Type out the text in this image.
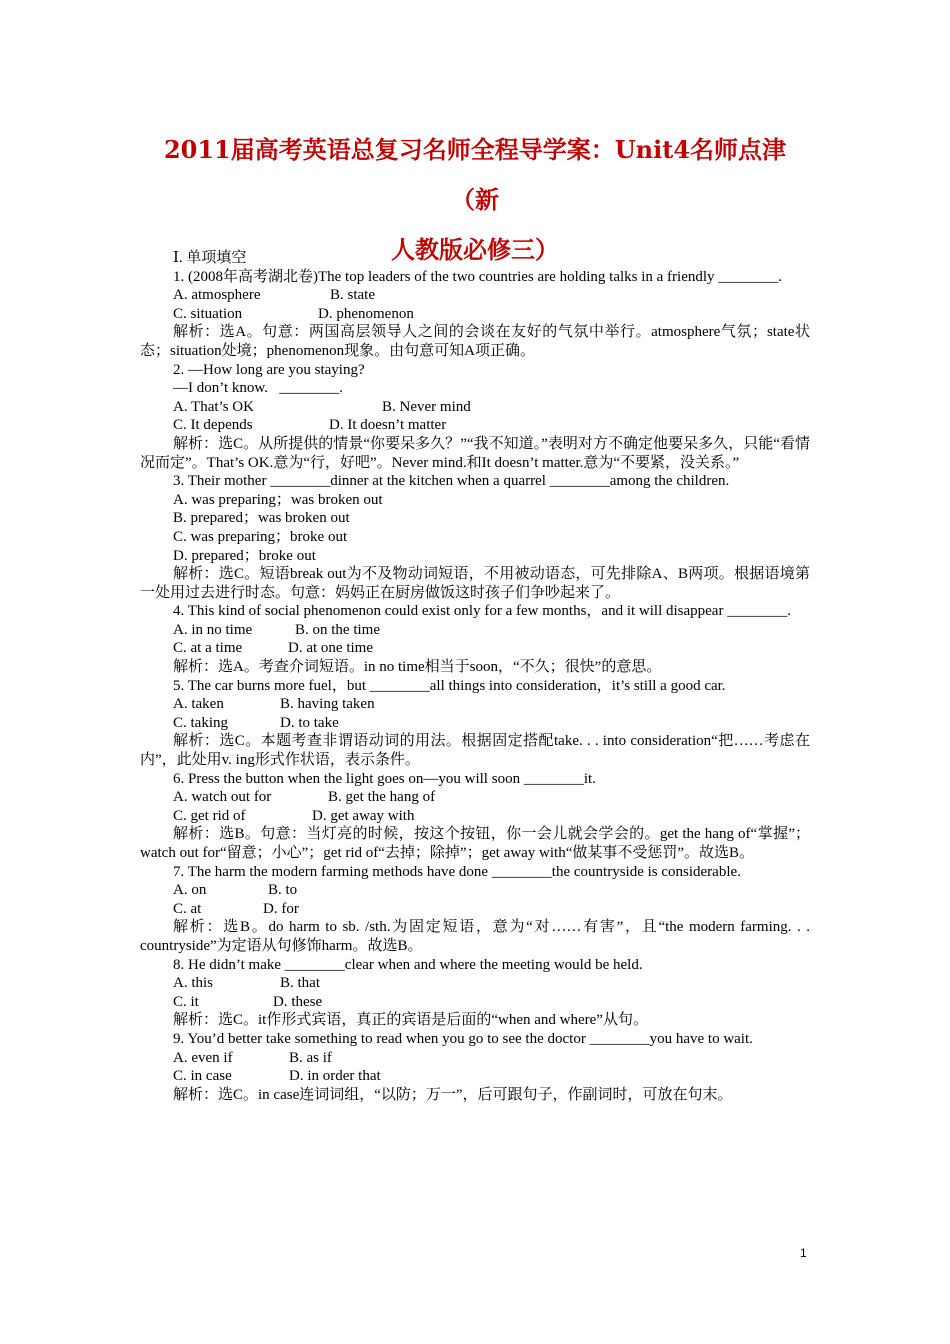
2011届高考英语总复习名师全程导学案：Unit4名师点津（新
人教版必修三）
Ⅰ. 单项填空
1. (2008年高考湖北卷)The top leaders of the two countries are holding talks in a friendly ________.
A. atmosphere	B. state
C. situation	D. phenomenon
解析：选A。句意：两国高层领导人之间的会谈在友好的气氛中举行。atmosphere气氛；state状态；situation处境；phenomenon现象。由句意可知A项正确。
2. —How long are you staying?
—I don’t know.   ________.
A. That’s OK	B. Never mind
C. It depends	D. It doesn’t matter
解析：选C。从所提供的情景“你要呆多久？”“我不知道。”表明对方不确定他要呆多久，只能“看情况而定”。That’s OK.意为“行，好吧”。Never mind.和It doesn’t matter.意为“不要紧，没关系。”
3. Their mother ________dinner at the kitchen when a quarrel ________among the children.
A. was preparing；was broken out
B. prepared；was broken out
C. was preparing；broke out
D. prepared；broke out
解析：选C。短语break out为不及物动词短语，不用被动语态，可先排除A、B两项。根据语境第一处用过去进行时态。句意：妈妈正在厨房做饭这时孩子们争吵起来了。
4. This kind of social phenomenon could exist only for a few months，and it will disappear ________.
A. in no time	B. on the time
C. at a time	D. at one time
解析：选A。考查介词短语。in no time相当于soon，“不久；很快”的意思。
5. The car burns more fuel，but ________all things into consideration，it’s still a good car.
A. taken	B. having taken
C. taking	D. to take
解析：选C。本题考查非谓语动词的用法。根据固定搭配take. . . into consideration“把……考虑在内”，此处用v. ing形式作状语，表示条件。
6. Press the button when the light goes on—you will soon ________it.
A. watch out for	B. get the hang of
C. get rid of	D. get away with
解析：选B。句意：当灯亮的时候，按这个按钮，你一会儿就会学会的。get the hang of“掌握”；watch out for“留意；小心”；get rid of“去掉；除掉”；get away with“做某事不受惩罚”。故选B。
7. The harm the modern farming methods have done ________the countryside is considerable.
A. on	B. to
C. at	D. for
解析：选B。do harm to sb. /sth.为固定短语，意为“对……有害”，且“the modern farming. . . countryside”为定语从句修饰harm。故选B。
8. He didn’t make ________clear when and where the meeting would be held.
A. this	B. that
C. it	D. these
解析：选C。it作形式宾语，真正的宾语是后面的“when and where”从句。
9. You’d better take something to read when you go to see the doctor ________you have to wait.
A. even if	B. as if
C. in case	D. in order that
解析：选C。in case连词词组，“以防；万一”，后可跟句子，作副词时，可放在句末。
1
